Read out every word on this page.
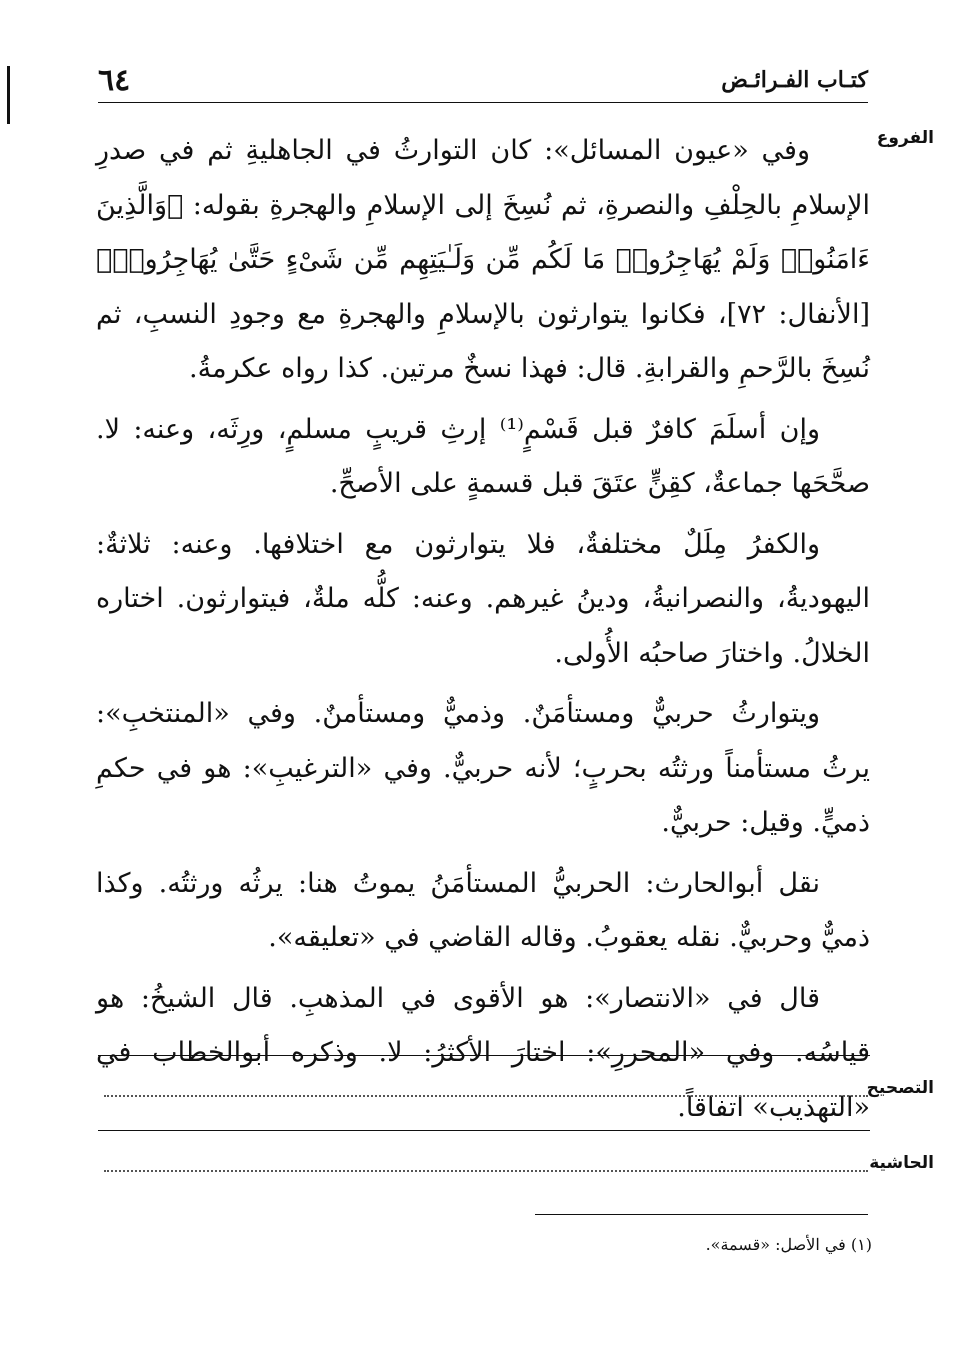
كتـاب الفـرائـض
٦٤
الفروع

وفي «عيون المسائل»: كان التوارثُ في الجاهليةِ ثم في صدرِ الإسلامِ بالحِلْفِ والنصرةِ، ثم نُسِخَ إلى الإسلامِ والهجرةِ بقوله: ﴿وَالَّذِينَ ءَامَنُوا۟ وَلَمْ يُهَاجِرُوا۟ مَا لَكُم مِّن وَلَـٰيَتِهِم مِّن شَىْءٍ حَتَّىٰ يُهَاجِرُوا۟﴾ [الأنفال: ٧٢]، فكانوا يتوارثون بالإسلامِ والهجرةِ مع وجودِ النسبِ، ثم نُسِخَ بالرَّحمِ والقرابةِ. قال: فهذا نسخٌ مرتين. كذا رواه عكرمةُ.

وإن أسلَمَ كافرٌ قبل قَسْمٍ⁽¹⁾ إرثِ قريبٍ مسلمٍ، ورِثَه، وعنه: لا. صحَّحَها جماعةٌ، كقِنٍّ عتَقَ قبل قسمةٍ على الأصحِّ.

والكفرُ مِلَلٌ مختلفةٌ، فلا يتوارثون مع اختلافها. وعنه: ثلاثةٌ: اليهوديةُ، والنصرانيةُ، ودينُ غيرهم. وعنه: كلُّه ملةٌ، فيتوارثون. اختاره الخلالُ. واختارَ صاحبُه الأُولى.

ويتوارثُ حربيٌّ ومستأمَنٌ. وذميٌّ ومستأمنٌ. وفي «المنتخبِ»: يرثُ مستأمناً ورثتُه بحربٍ؛ لأنه حربيٌّ. وفي «الترغيبِ»: هو في حكمِ ذميٍّ. وقيل: حربيٌّ.

نقل أبوالحارث: الحربيُّ المستأمَنُ يموتُ هنا: يرثُه ورثتُه. وكذا ذميٌّ وحربيٌّ. نقله يعقوبُ. وقاله القاضي في «تعليقه».

قال في «الانتصار»: هو الأقوى في المذهبِ. قال الشيخُ: هو قياسُه. وفي «المحررِ»: اختارَ الأكثرُ: لا. وذكره أبوالخطاب في «التهذيب» اتفاقاً.

التصحيح
الحاشية
(١) في الأصل: «قسمة».
